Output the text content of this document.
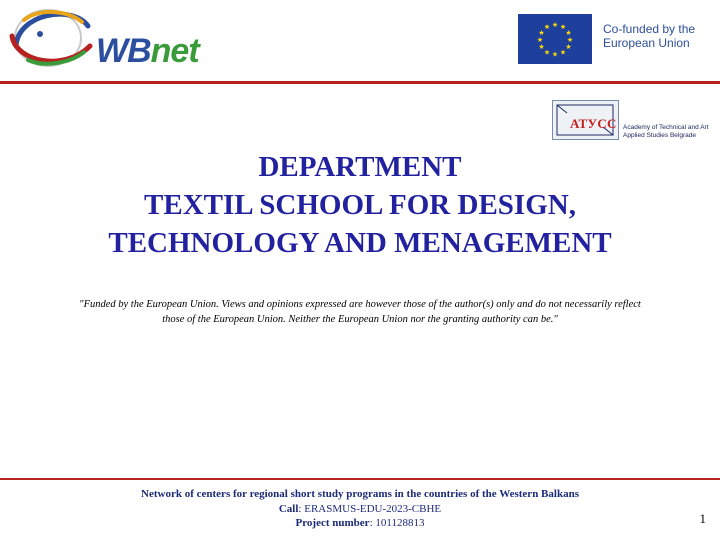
WBnet
★ ★
★
★
★
★
★
★
★
★
★
★	Co-funded by the
European Union
АТУСС Academy of Technical and Art
Applied Studies Belgrade
DEPARTMENT
TEXTIL SCHOOL FOR DESIGN,
TECHNOLOGY AND MENAGEMENT
"Funded by the European Union. Views and opinions expressed are however those of the author(s) only and do not necessarily reflect
those of the European Union. Neither the European Union nor the granting authority can be."
Network of centers for regional short study programs in the countries of the Western Balkans
Call: ERASMUS-EDU-2023-CBHE
Project number: 101128813	1
